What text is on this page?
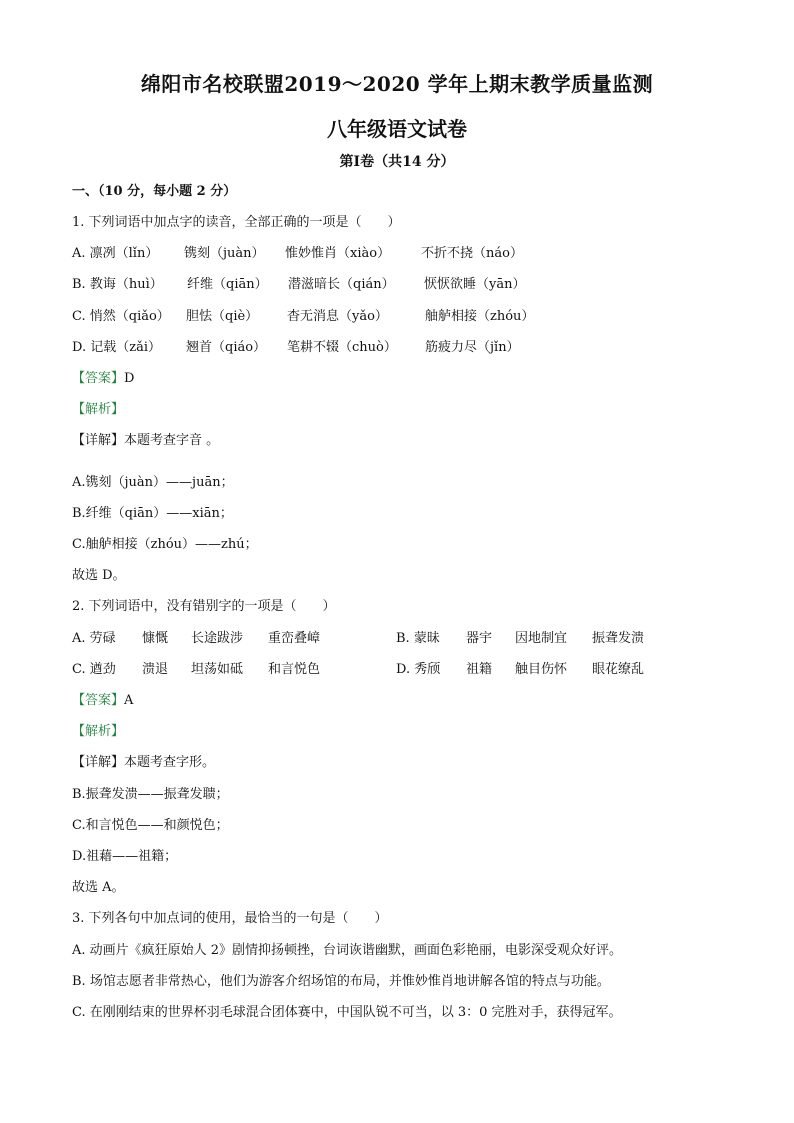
绵阳市名校联盟2019～2020 学年上期末教学质量监测
八年级语文试卷
第Ⅰ卷（共14 分）
一、（10 分，每小题 2 分）
1. 下列词语中加点字的读音，全部正确的一项是（　　）
A. 凛冽（lǐn） 镌刻（juàn） 惟妙惟肖（xiào） 不折不挠（náo）
B. 教诲（huì） 纤维（qiān） 潜滋暗长（qián） 恹恹欲睡（yān）
C. 悄然（qiǎo） 胆怯（qiè） 杳无消息（yǎo）	舳舻相接（zhóu）
D. 记载（zǎi） 翘首（qiáo） 笔耕不辍（chuò） 筋疲力尽（jǐn）
【答案】D
【解析】
【详解】本题考查字音 。
A.镌刻（juàn）——juān；
B.纤维（qiān）——xiān；
C.舳舻相接（zhóu）——zhú；
故选 D。
2. 下列词语中，没有错别字的一项是（　　）
A. 劳碌 慷慨 长途跋涉 重峦叠嶂	B. 蒙昧 器宇 因地制宜 振聋发溃
C. 遒劲 溃退 坦荡如砥 和言悦色	D. 秀颀 祖籍 触目伤怀 眼花缭乱
【答案】A
【解析】
【详解】本题考查字形。
B.振聋发溃——振聋发聩；
C.和言悦色——和颜悦色；
D.祖藉——祖籍；
故选 A。
3. 下列各句中加点词的使用，最恰当的一句是（　　）
A. 动画片《疯狂原始人 2》剧情抑扬顿挫，台词诙谐幽默，画面色彩艳丽，电影深受观众好评。
B. 场馆志愿者非常热心，他们为游客介绍场馆的布局，并惟妙惟肖地讲解各馆的特点与功能。
C. 在刚刚结束的世界杯羽毛球混合团体赛中，中国队锐不可当，以 3：0 完胜对手，获得冠军。
